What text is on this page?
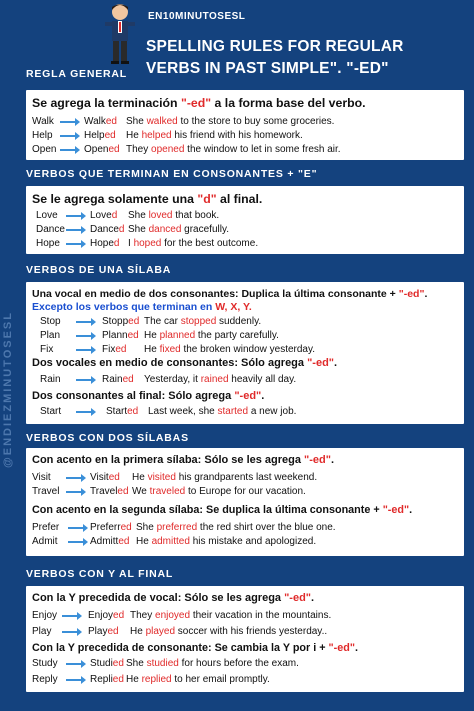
@ENDIEZMINUTOSESL
EN10MINUTOSESL
SPELLING RULES FOR REGULAR
VERBS IN PAST SIMPLE". "-ED"
REGLA GENERAL
Se agrega la terminación "-ed" a la forma base del verbo.
Walk	Walked She walked to the store to buy some groceries.
Help	Helped He helped his friend with his homework.
Open	Opened They opened the window to let in some fresh air.
VERBOS QUE TERMINAN EN CONSONANTES + "E"
Se le agrega solamente una "d" al final.
Love	Loved She loved that book.
Dance	Danced She danced gracefully.
Hope	Hoped I hoped for the best outcome.
VERBOS DE UNA SÍLABA
Una vocal en medio de dos consonantes: Duplica la última consonante + "-ed".
Excepto los verbos que terminan en W, X, Y.
Dos vocales en medio de consonantes: Sólo agrega "-ed".
Dos consonantes al final: Sólo agrega "-ed".
Stop	Stopped The car stopped suddenly.
Plan	Planned He planned the party carefully.
Fix	Fixed He fixed the broken window yesterday.
Rain	Rained Yesterday, it rained heavily all day.
Start	Started Last week, she started a new job.
VERBOS CON DOS SÍLABAS
Con acento en la primera sílaba: Sólo se les agrega "-ed".
Con acento en la segunda sílaba: Se duplica la última consonante + "-ed".
Visit	Visited He visited his grandparents last weekend.
Travel	Traveled We traveled to Europe for our vacation.
Prefer	Preferred She preferred the red shirt over the blue one.
Admit	Admitted He admitted his mistake and apologized.
VERBOS CON Y AL FINAL
Con la Y precedida de vocal: Sólo se les agrega "-ed".
Con la Y precedida de consonante: Se cambia la Y por i + "-ed".
Enjoy	Enjoyed They enjoyed their vacation in the mountains.
Play	Played He played soccer with his friends yesterday..
Study	Studied She studied for hours before the exam.
Reply	Replied He replied to her email promptly.
